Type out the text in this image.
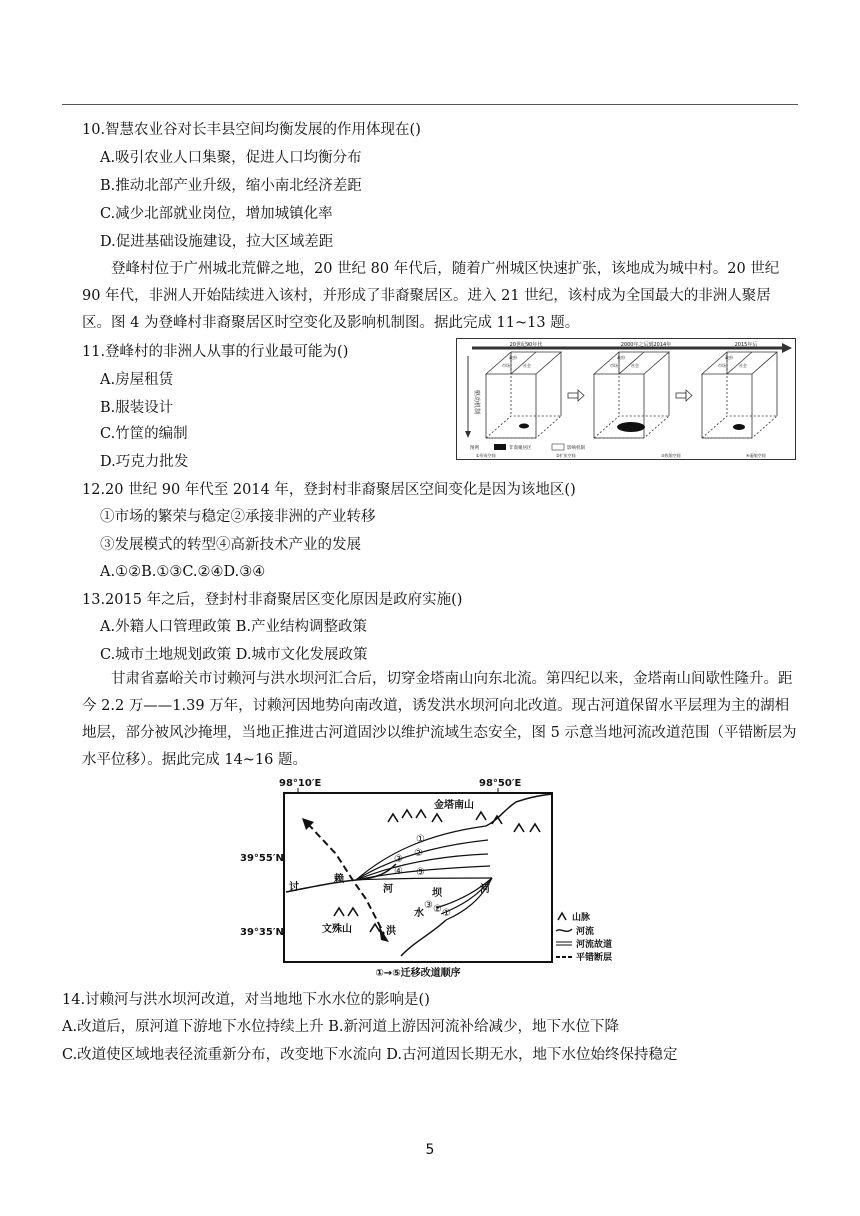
10.智慧农业谷对长丰县空间均衡发展的作用体现在()
A.吸引农业人口集聚，促进人口均衡分布
B.推动北部产业升级，缩小南北经济差距
C.减少北部就业岗位，增加城镇化率
D.促进基础设施建设，拉大区域差距
登峰村位于广州城北荒僻之地，20 世纪 80 年代后，随着广州城区快速扩张，该地成为城中村。20 世纪 90 年代，非洲人开始陆续进入该村，并形成了非裔聚居区。进入 21 世纪，该村成为全国最大的非洲人聚居区。图 4 为登峰村非裔聚居区时空变化及影响机制图。据此完成 11~13 题。
11.登峰村的非洲人从事的行业最可能为()
A.房屋租赁
B.服装设计
C.竹筐的编制
D.巧克力批发
20世纪90年代	2000年之后到2014年	2015年后
驱动机制
政府
市场	社会
政府
市场	社会
政府
市场	社会
图例	非裔聚居区	影响机制
①形成空间	②扩张空间	③收缩空间	④萎缩空间
12.20 世纪 90 年代至 2014 年，登封村非裔聚居区空间变化是因为该地区()
①市场的繁荣与稳定②承接非洲的产业转移
③发展模式的转型④高新技术产业的发展
A.①②B.①③C.②④D.③④
13.2015 年之后，登封村非裔聚居区变化原因是政府实施()
A.外籍人口管理政策 B.产业结构调整政策
C.城市土地规划政策 D.城市文化发展政策
甘肃省嘉峪关市讨赖河与洪水坝河汇合后，切穿金塔南山向东北流。第四纪以来，金塔南山间歇性隆升。距今 2.2 万——1.39 万年，讨赖河因地势向南改道，诱发洪水坝河向北改道。现古河道保留水平层理为主的湖相地层，部分被风沙掩埋，当地正推进古河道固沙以维护流域生态安全，图 5 示意当地河流改道范围（平错断层为水平位移）。据此完成 14~16 题。
98°10′E	98°50′E
39°55′N
39°35′N
金塔南山
文殊山
讨
赖
河	坝	河
水
洪
①
②
③
④ ⑤
③ ② ①	山脉
河流
河流故道
平错断层
①→⑤迁移改道顺序
14.讨赖河与洪水坝河改道，对当地地下水水位的影响是()
A.改道后，原河道下游地下水位持续上升 B.新河道上游因河流补给减少，地下水位下降
C.改道使区域地表径流重新分布，改变地下水流向 D.古河道因长期无水，地下水位始终保持稳定
5
